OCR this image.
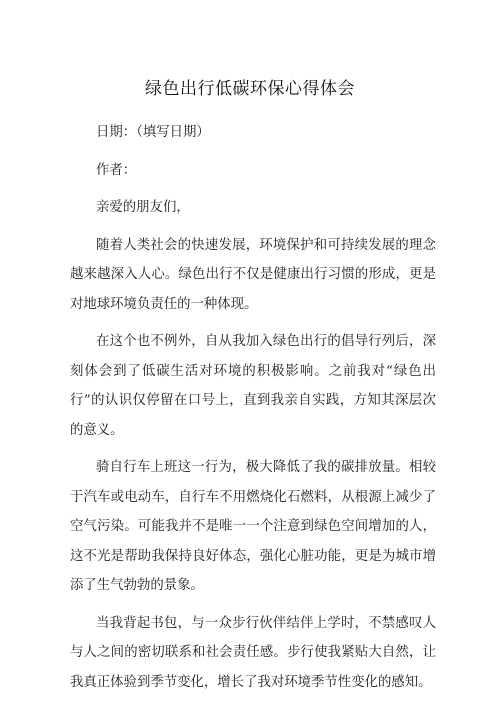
绿色出行低碳环保心得体会

日期：（填写日期）

作者：

亲爱的朋友们，

随着人类社会的快速发展，环境保护和可持续发展的理念越来越深入人心。绿色出行不仅是健康出行习惯的形成，更是对地球环境负责任的一种体现。

在这个也不例外，自从我加入绿色出行的倡导行列后，深刻体会到了低碳生活对环境的积极影响。之前我对“绿色出行”的认识仅停留在口号上，直到我亲自实践，方知其深层次的意义。

骑自行车上班这一行为，极大降低了我的碳排放量。相较于汽车或电动车，自行车不用燃烧化石燃料，从根源上减少了空气污染。可能我并不是唯一一个注意到绿色空间增加的人，这不光是帮助我保持良好体态，强化心脏功能，更是为城市增添了生气勃勃的景象。

当我背起书包，与一众步行伙伴结伴上学时，不禁感叹人与人之间的密切联系和社会责任感。步行使我紧贴大自然，让我真正体验到季节变化，增长了我对环境季节性变化的感知。
